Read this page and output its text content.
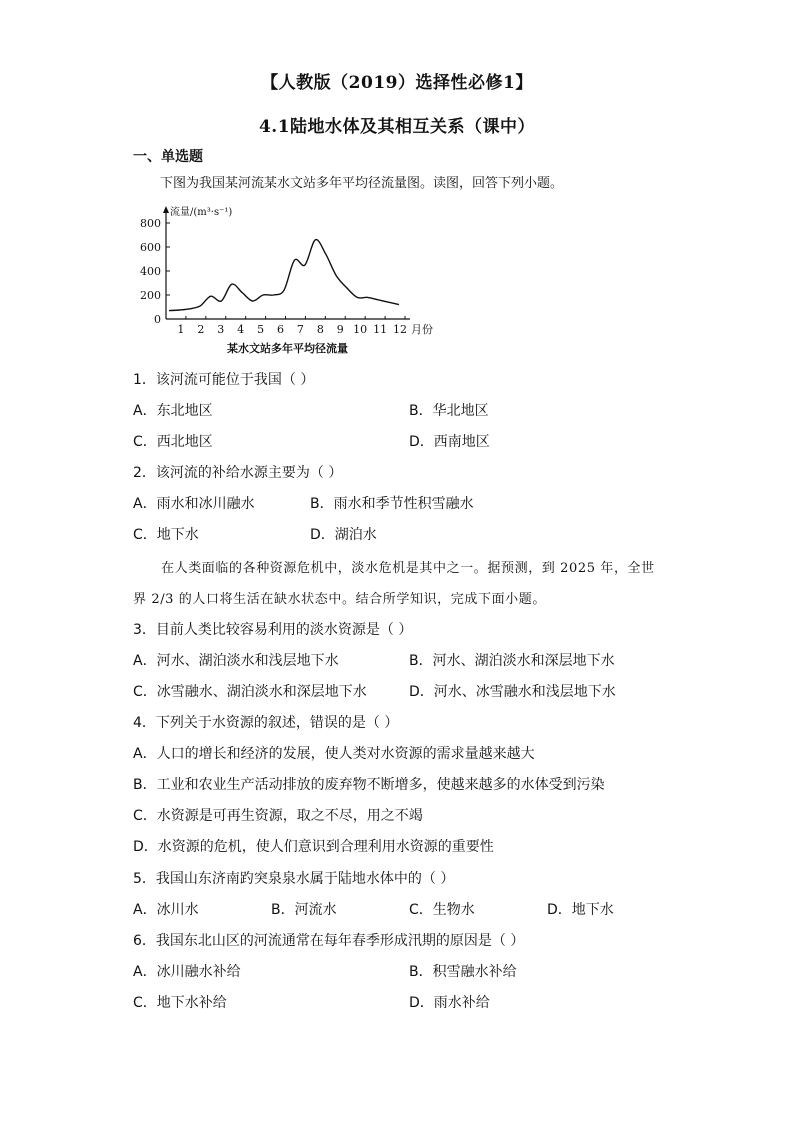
【人教版（2019）选择性必修1】
4.1陆地水体及其相互关系（课中）
一、单选题
下图为我国某河流某水文站多年平均径流量图。读图，回答下列小题。
0
200
400
600
800
1 2 3 4 5 6 7 8 9 10 11 12 月份
流量/(m³·s⁻¹)
某水文站多年平均径流量
1．该河流可能位于我国（ ）
A．东北地区	B．华北地区
C．西北地区	D．西南地区
2．该河流的补给水源主要为（ ）
A．雨水和冰川融水	B．雨水和季节性积雪融水
C．地下水	D．湖泊水
在人类面临的各种资源危机中，淡水危机是其中之一。据预测，到 2025 年，全世
界 2/3 的人口将生活在缺水状态中。结合所学知识，完成下面小题。
3．目前人类比较容易利用的淡水资源是（ ）
A．河水、湖泊淡水和浅层地下水	B．河水、湖泊淡水和深层地下水
C．冰雪融水、湖泊淡水和深层地下水	D．河水、冰雪融水和浅层地下水
4．下列关于水资源的叙述，错误的是（ ）
A．人口的增长和经济的发展，使人类对水资源的需求量越来越大
B．工业和农业生产活动排放的废弃物不断增多，使越来越多的水体受到污染
C．水资源是可再生资源，取之不尽，用之不竭
D．水资源的危机，使人们意识到合理利用水资源的重要性
5．我国山东济南趵突泉泉水属于陆地水体中的（ ）
A．冰川水	B．河流水	C．生物水	D．地下水
6．我国东北山区的河流通常在每年春季形成汛期的原因是（ ）
A．冰川融水补给	B．积雪融水补给
C．地下水补给	D．雨水补给
